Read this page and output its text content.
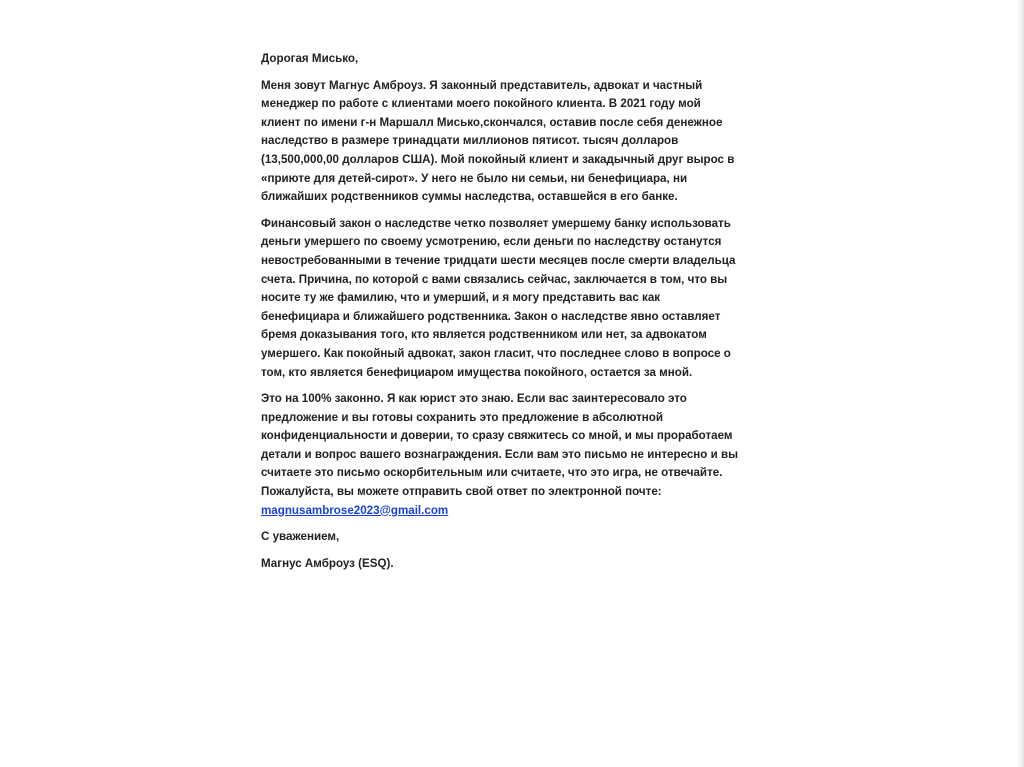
Дорогая Мисько,

Меня зовут Магнус Амброуз. Я законный представитель, адвокат и частный менеджер по работе с клиентами моего покойного клиента. В 2021 году мой клиент по имени г-н Маршалл Мисько,скончался, оставив после себя денежное наследство в размере тринадцати миллионов пятисот. тысяч долларов (13,500,000,00 долларов США). Мой покойный клиент и закадычный друг вырос в «приюте для детей-сирот». У него не было ни семьи, ни бенефициара, ни ближайших родственников суммы наследства, оставшейся в его банке.

Финансовый закон о наследстве четко позволяет умершему банку использовать деньги умершего по своему усмотрению, если деньги по наследству останутся невостребованными в течение тридцати шести месяцев после смерти владельца счета. Причина, по которой с вами связались сейчас, заключается в том, что вы носите ту же фамилию, что и умерший, и я могу представить вас как бенефициара и ближайшего родственника. Закон о наследстве явно оставляет бремя доказывания того, кто является родственником или нет, за адвокатом умершего. Как покойный адвокат, закон гласит, что последнее слово в вопросе о том, кто является бенефициаром имущества покойного, остается за мной.

Это на 100% законно. Я как юрист это знаю. Если вас заинтересовало это предложение и вы готовы сохранить это предложение в абсолютной конфиденциальности и доверии, то сразу свяжитесь со мной, и мы проработаем детали и вопрос вашего вознаграждения. Если вам это письмо не интересно и вы считаете это письмо оскорбительным или считаете, что это игра, не отвечайте. Пожалуйста, вы можете отправить свой ответ по электронной почте: magnusambrose2023@gmail.com

С уважением,

Магнус Амброуз (ESQ).
